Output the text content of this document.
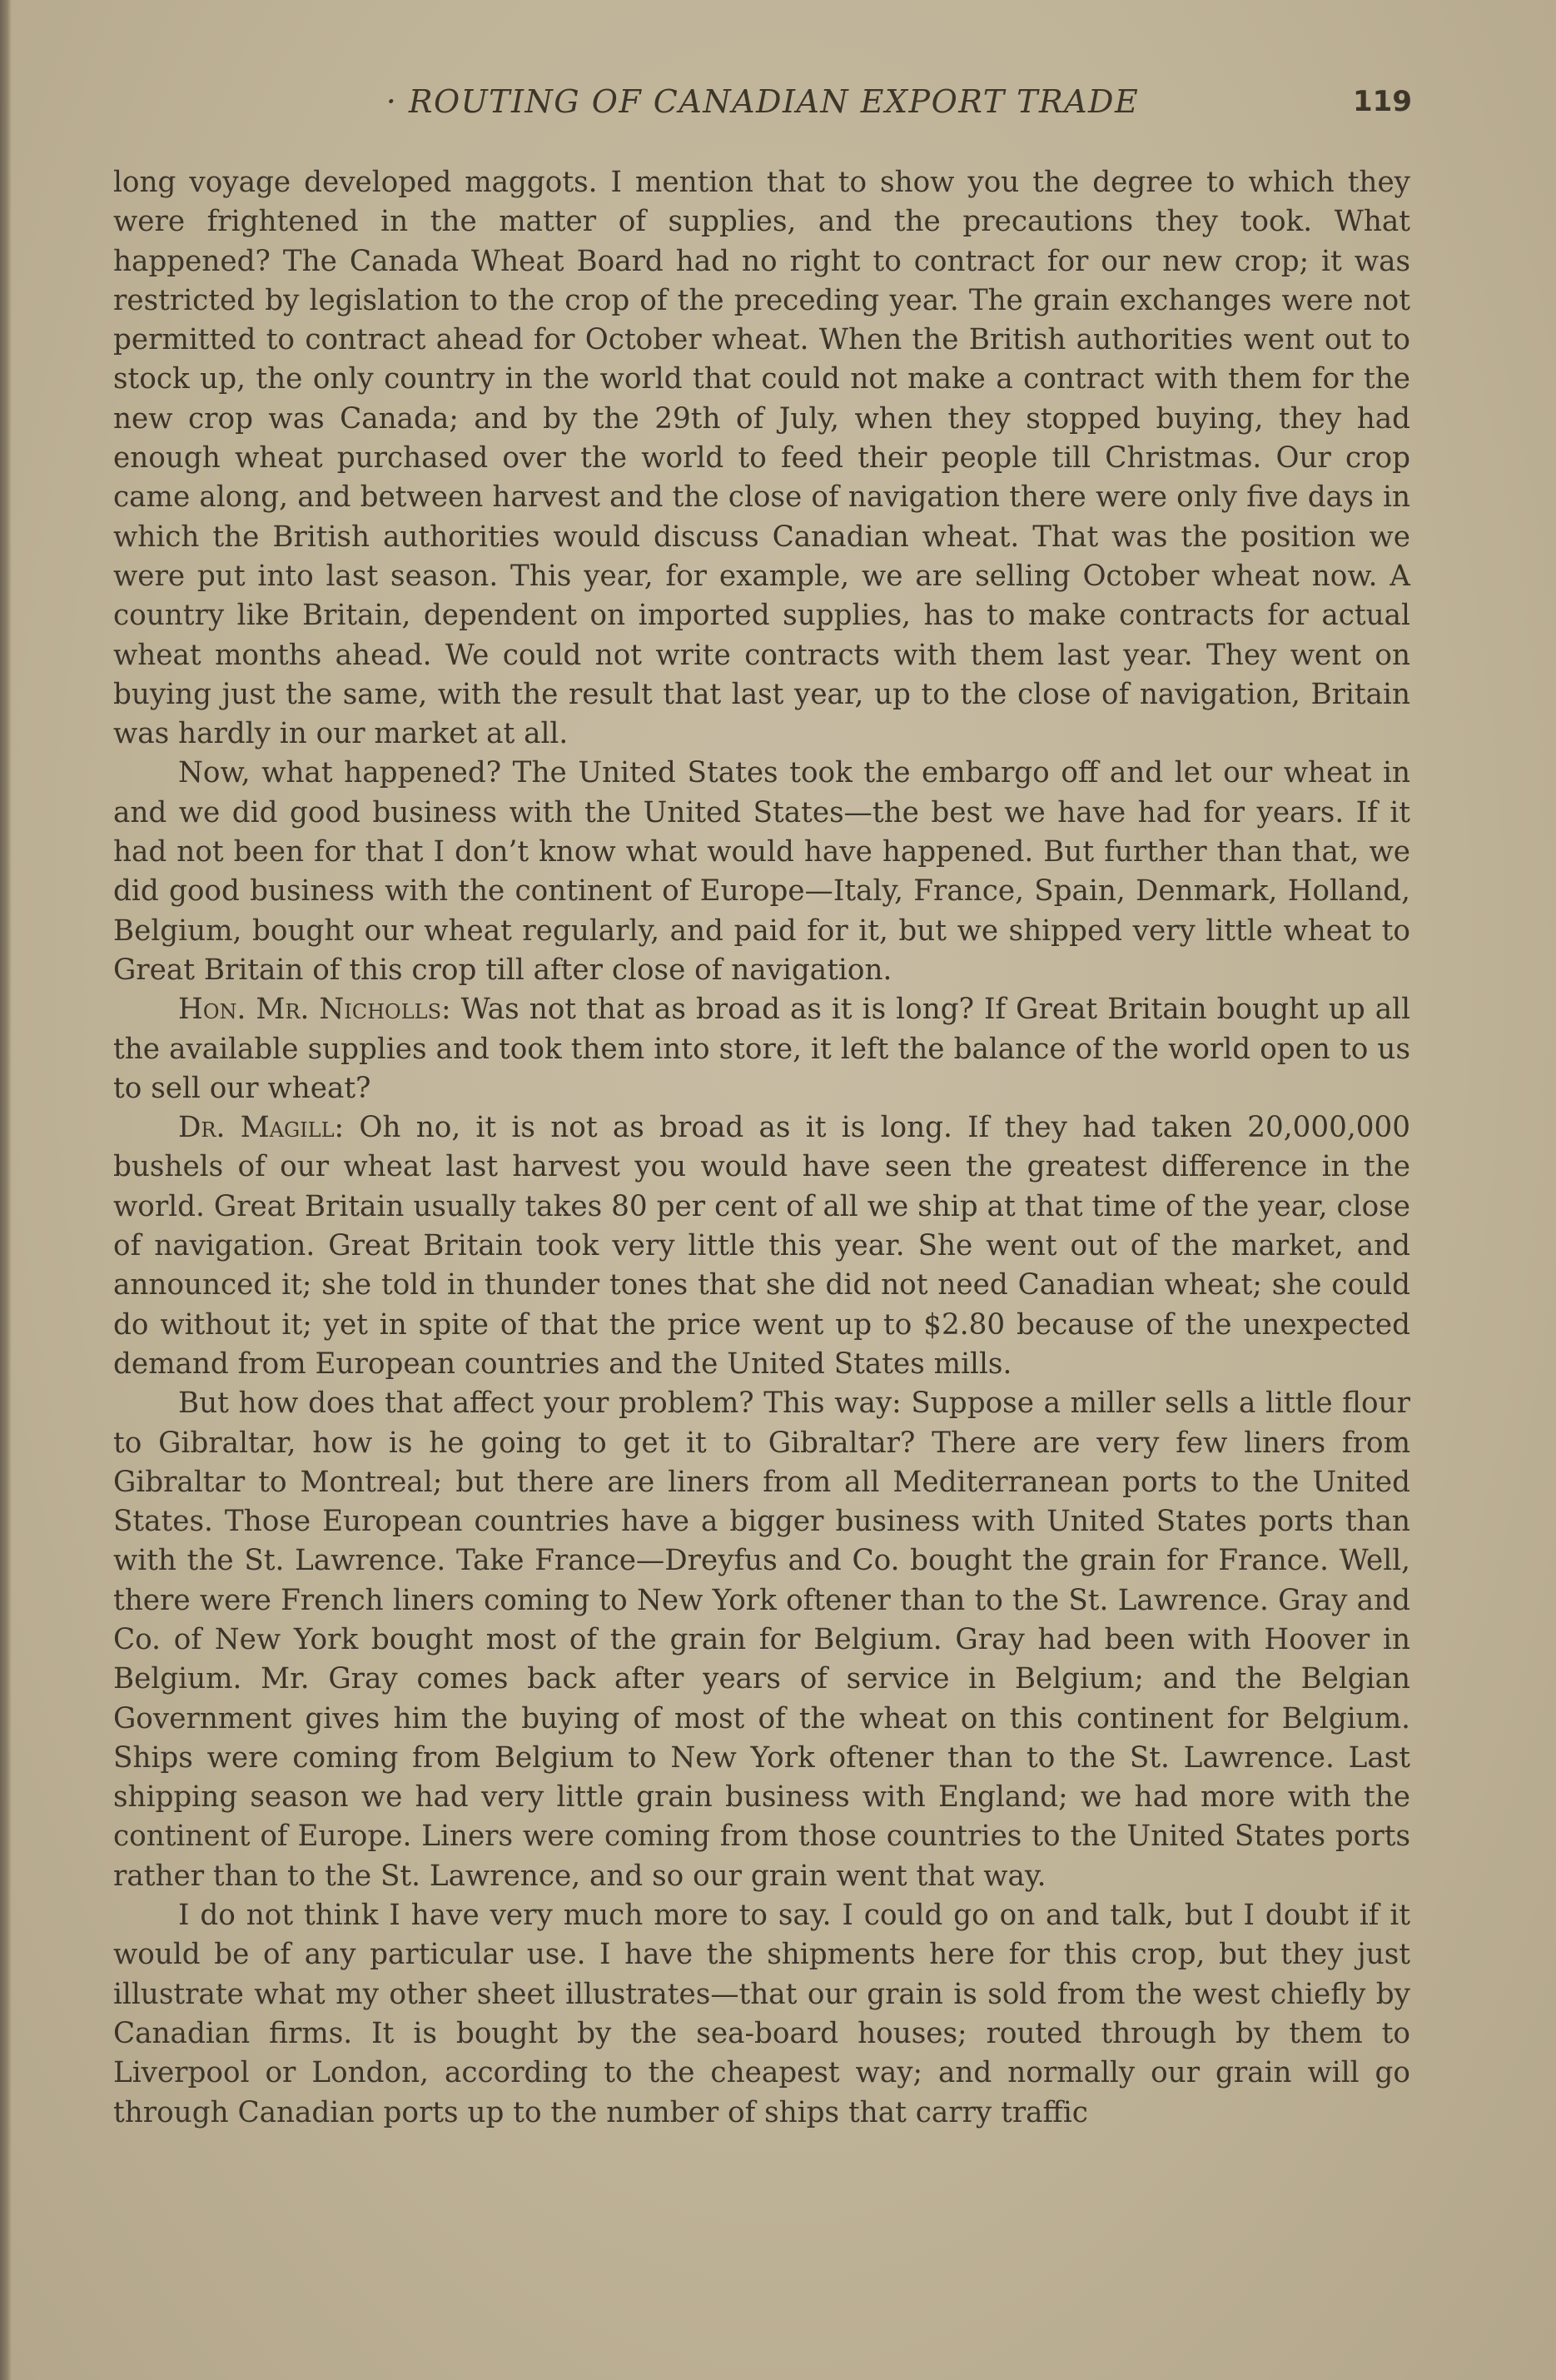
· ROUTING OF CANADIAN EXPORT TRADE	119

long voyage developed maggots. I mention that to show you the degree to which they were frightened in the matter of supplies, and the precautions they took. What happened? The Canada Wheat Board had no right to contract for our new crop; it was restricted by legislation to the crop of the preceding year. The grain exchanges were not permitted to contract ahead for October wheat. When the British authorities went out to stock up, the only country in the world that could not make a contract with them for the new crop was Canada; and by the 29th of July, when they stopped buying, they had enough wheat purchased over the world to feed their people till Christmas. Our crop came along, and between harvest and the close of navigation there were only five days in which the British authorities would discuss Canadian wheat. That was the position we were put into last season. This year, for example, we are selling October wheat now. A country like Britain, dependent on imported supplies, has to make contracts for actual wheat months ahead. We could not write contracts with them last year. They went on buying just the same, with the result that last year, up to the close of navigation, Britain was hardly in our market at all.

Now, what happened? The United States took the embargo off and let our wheat in and we did good business with the United States—the best we have had for years. If it had not been for that I don’t know what would have happened. But further than that, we did good business with the continent of Europe—Italy, France, Spain, Denmark, Holland, Belgium, bought our wheat regularly, and paid for it, but we shipped very little wheat to Great Britain of this crop till after close of navigation.

Hon. Mr. Nicholls: Was not that as broad as it is long? If Great Britain bought up all the available supplies and took them into store, it left the balance of the world open to us to sell our wheat?

Dr. Magill: Oh no, it is not as broad as it is long. If they had taken 20,000,000 bushels of our wheat last harvest you would have seen the greatest difference in the world. Great Britain usually takes 80 per cent of all we ship at that time of the year, close of navigation. Great Britain took very little this year. She went out of the market, and announced it; she told in thunder tones that she did not need Canadian wheat; she could do without it; yet in spite of that the price went up to $2.80 because of the unexpected demand from European countries and the United States mills.

But how does that affect your problem? This way: Suppose a miller sells a little flour to Gibraltar, how is he going to get it to Gibraltar? There are very few liners from Gibraltar to Montreal; but there are liners from all Mediterranean ports to the United States. Those European countries have a bigger business with United States ports than with the St. Lawrence. Take France—Dreyfus and Co. bought the grain for France. Well, there were French liners coming to New York oftener than to the St. Lawrence. Gray and Co. of New York bought most of the grain for Belgium. Gray had been with Hoover in Belgium. Mr. Gray comes back after years of service in Belgium; and the Belgian Government gives him the buying of most of the wheat on this continent for Belgium. Ships were coming from Belgium to New York oftener than to the St. Lawrence. Last shipping season we had very little grain business with England; we had more with the continent of Europe. Liners were coming from those countries to the United States ports rather than to the St. Lawrence, and so our grain went that way.

I do not think I have very much more to say. I could go on and talk, but I doubt if it would be of any particular use. I have the shipments here for this crop, but they just illustrate what my other sheet illustrates—that our grain is sold from the west chiefly by Canadian firms. It is bought by the sea-board houses; routed through by them to Liverpool or London, according to the cheapest way; and normally our grain will go through Canadian ports up to the number of ships that carry traffic
